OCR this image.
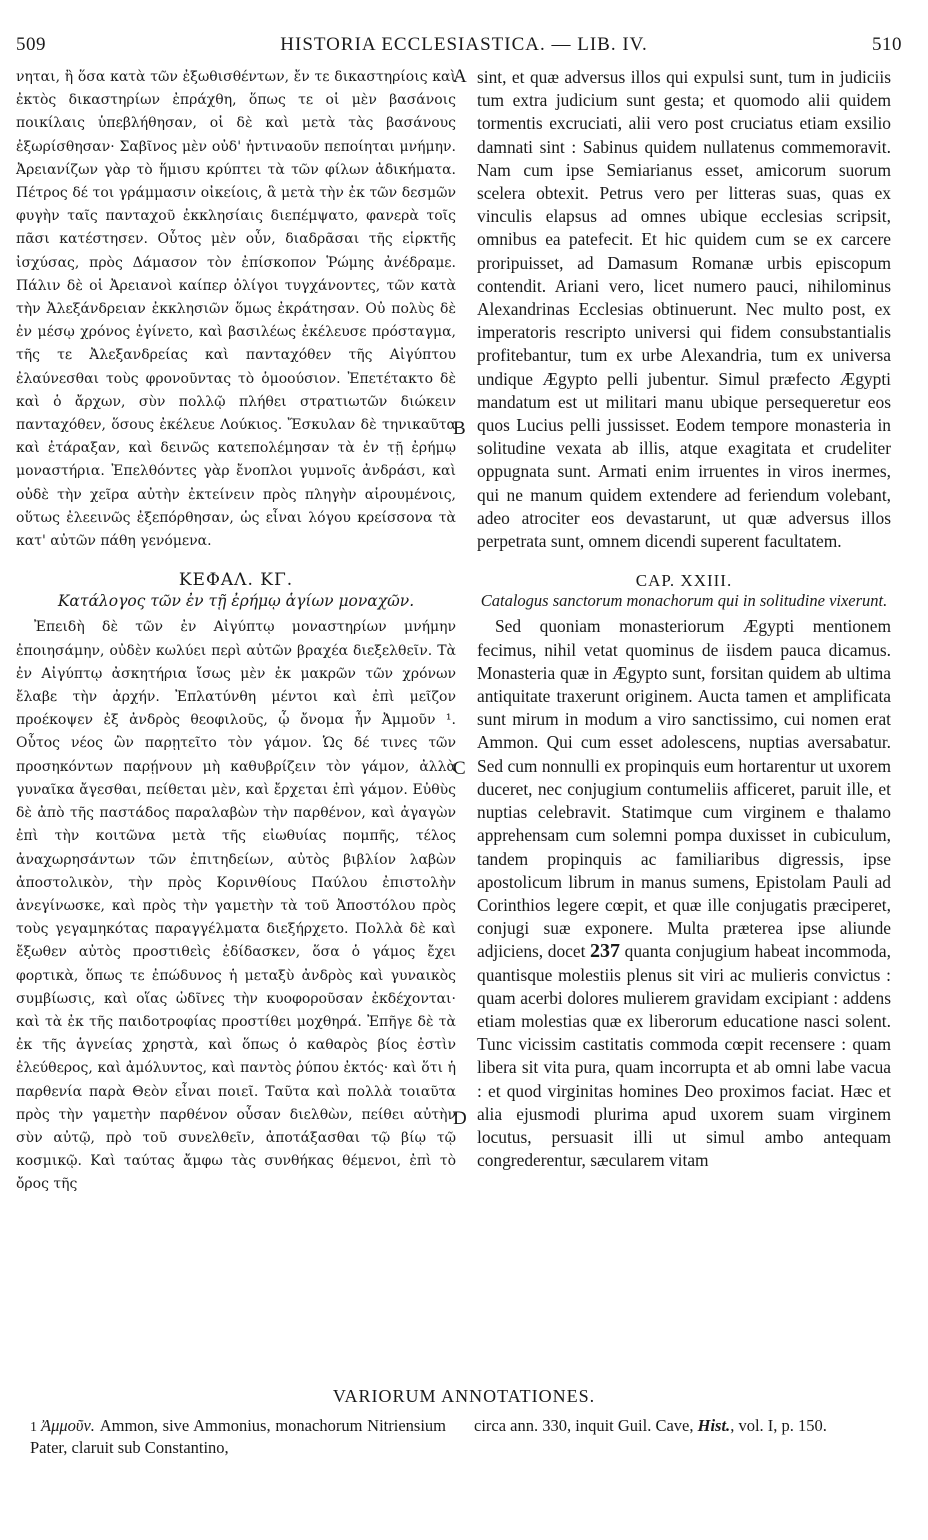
509	HISTORIA ECCLESIASTICA. — LIB. IV.	510

νηται, ἢ ὅσα κατὰ τῶν ἐξωθισθέντων, ἔν τε δικαστηρίοις καὶ ἐκτὸς δικαστηρίων ἐπράχθη, ὅπως τε οἱ μὲν βασάνοις ποικίλαις ὑπεβλήθησαν, οἱ δὲ καὶ μετὰ τὰς βασάνους ἐξωρίσθησαν· Σαβῖνος μὲν οὐδ' ἡντιναοῦν πεποίηται μνήμην. Ἀρειανίζων γὰρ τὸ ἥμισυ κρύπτει τὰ τῶν φίλων ἀδικήματα. Πέτρος δέ τοι γράμμασιν οἰκείοις, ἃ μετὰ τὴν ἐκ τῶν δεσμῶν φυγὴν ταῖς πανταχοῦ ἐκκλησίαις διεπέμψατο, φανερὰ τοῖς πᾶσι κατέστησεν. Οὗτος μὲν οὖν, διαδρᾶσαι τῆς εἱρκτῆς ἰσχύσας, πρὸς Δάμασον τὸν ἐπίσκοπον Ῥώμης ἀνέδραμε. Πάλιν δὲ οἱ Ἀρειανοὶ καίπερ ὀλίγοι τυγχάνοντες, τῶν κατὰ τὴν Ἀλεξάνδρειαν ἐκκλησιῶν ὅμως ἐκράτησαν. Οὐ πολὺς δὲ ἐν μέσῳ χρόνος ἐγίνετο, καὶ βασιλέως ἐκέλευσε πρόσταγμα, τῆς τε Ἀλεξανδρείας καὶ πανταχόθεν τῆς Αἰγύπτου ἐλαύνεσθαι τοὺς φρονοῦντας τὸ ὁμοούσιον. Ἐπετέτακτο δὲ καὶ ὁ ἄρχων, σὺν πολλῷ πλήθει στρατιωτῶν διώκειν πανταχόθεν, ὅσους ἐκέλευε Λούκιος. Ἔσκυλαν δὲ τηνικαῦτα καὶ ἐτάραξαν, καὶ δεινῶς κατεπολέμησαν τὰ ἐν τῇ ἐρήμῳ μοναστήρια. Ἐπελθόντες γὰρ ἔνοπλοι γυμνοῖς ἀνδράσι, καὶ οὐδὲ τὴν χεῖρα αὐτὴν ἐκτείνειν πρὸς πληγὴν αἱρουμένοις, οὕτως ἐλεεινῶς ἐξεπόρθησαν, ὡς εἶναι λόγου κρείσσονα τὰ κατ' αὐτῶν πάθη γενόμενα.

ΚΕΦΑΛ. ΚΓ.
Κατάλογος τῶν ἐν τῇ ἐρήμῳ ἁγίων μοναχῶν.

Ἐπειδὴ δὲ τῶν ἐν Αἰγύπτῳ μοναστηρίων μνήμην ἐποιησάμην, οὐδὲν κωλύει περὶ αὐτῶν βραχέα διεξελθεῖν. Τὰ ἐν Αἰγύπτῳ ἀσκητήρια ἴσως μὲν ἐκ μακρῶν τῶν χρόνων ἔλαβε τὴν ἀρχήν. Ἐπλατύνθη μέντοι καὶ ἐπὶ μεῖζον προέκοψεν ἐξ ἀνδρὸς θεοφιλοῦς, ᾧ ὄνομα ἦν Ἀμμοῦν ¹. Οὗτος νέος ὢν παρῃτεῖτο τὸν γάμον. Ὡς δέ τινες τῶν προσηκόντων παρῄνουν μὴ καθυβρίζειν τὸν γάμον, ἀλλὰ γυναῖκα ἄγεσθαι, πείθεται μὲν, καὶ ἔρχεται ἐπὶ γάμον. Εὐθὺς δὲ ἀπὸ τῆς παστάδος παραλαβὼν τὴν παρθένον, καὶ ἀγαγὼν ἐπὶ τὴν κοιτῶνα μετὰ τῆς εἰωθυίας πομπῆς, τέλος ἀναχωρησάντων τῶν ἐπιτηδείων, αὐτὸς βιβλίον λαβὼν ἀποστολικὸν, τὴν πρὸς Κορινθίους Παύλου ἐπιστολὴν ἀνεγίνωσκε, καὶ πρὸς τὴν γαμετὴν τὰ τοῦ Ἀποστόλου πρὸς τοὺς γεγαμηκότας παραγγέλματα διεξήρχετο. Πολλὰ δὲ καὶ ἔξωθεν αὐτὸς προστιθεὶς ἐδίδασκεν, ὅσα ὁ γάμος ἔχει φορτικὰ, ὅπως τε ἐπώδυνος ἡ μεταξὺ ἀνδρὸς καὶ γυναικὸς συμβίωσις, καὶ οἵας ὠδῖνες τὴν κυοφοροῦσαν ἐκδέχονται· καὶ τὰ ἐκ τῆς παιδοτροφίας προστίθει μοχθηρά. Ἐπῆγε δὲ τὰ ἐκ τῆς ἁγνείας χρηστὰ, καὶ ὅπως ὁ καθαρὸς βίος ἐστὶν ἐλεύθερος, καὶ ἀμόλυντος, καὶ παντὸς ῥύπου ἐκτός· καὶ ὅτι ἡ παρθενία παρὰ Θεὸν εἶναι ποιεῖ. Ταῦτα καὶ πολλὰ τοιαῦτα πρὸς τὴν γαμετὴν παρθένον οὖσαν διελθὼν, πείθει αὐτὴν σὺν αὐτῷ, πρὸ τοῦ συνελθεῖν, ἀποτάξασθαι τῷ βίῳ τῷ κοσμικῷ. Καὶ ταύτας ἄμφω τὰς συνθήκας θέμενοι, ἐπὶ τὸ ὄρος τῆς

A
B
C
D

sint, et quæ adversus illos qui expulsi sunt, tum in judiciis tum extra judicium sunt gesta; et quomodo alii quidem tormentis excruciati, alii vero post cruciatus etiam exsilio damnati sint : Sabinus quidem nullatenus commemoravit. Nam cum ipse Semiarianus esset, amicorum suorum scelera obtexit. Petrus vero per litteras suas, quas ex vinculis elapsus ad omnes ubique ecclesias scripsit, omnibus ea patefecit. Et hic quidem cum se ex carcere proripuisset, ad Damasum Romanæ urbis episcopum contendit. Ariani vero, licet numero pauci, nihilominus Alexandrinas Ecclesias obtinuerunt. Nec multo post, ex imperatoris rescripto universi qui fidem consubstantialis profitebantur, tum ex urbe Alexandria, tum ex universa undique Ægypto pelli jubentur. Simul præfecto Ægypti mandatum est ut militari manu ubique persequeretur eos quos Lucius pelli jussisset. Eodem tempore monasteria in solitudine vexata ab illis, atque exagitata et crudeliter oppugnata sunt. Armati enim irruentes in viros inermes, qui ne manum quidem extendere ad feriendum volebant, adeo atrociter eos devastarunt, ut quæ adversus illos perpetrata sunt, omnem dicendi superent facultatem.

CAP. XXIII.
Catalogus sanctorum monachorum qui in solitudine vixerunt.

Sed quoniam monasteriorum Ægypti mentionem fecimus, nihil vetat quominus de iisdem pauca dicamus. Monasteria quæ in Ægypto sunt, forsitan quidem ab ultima antiquitate traxerunt originem. Aucta tamen et amplificata sunt mirum in modum a viro sanctissimo, cui nomen erat Ammon. Qui cum esset adolescens, nuptias aversabatur. Sed cum nonnulli ex propinquis eum hortarentur ut uxorem duceret, nec conjugium contumeliis afficeret, paruit ille, et nuptias celebravit. Statimque cum virginem e thalamo apprehensam cum solemni pompa duxisset in cubiculum, tandem propinquis ac familiaribus digressis, ipse apostolicum librum in manus sumens, Epistolam Pauli ad Corinthios legere cœpit, et quæ ille conjugatis præciperet, conjugi suæ exponere. Multa præterea ipse aliunde adjiciens, docet 237 quanta conjugium habeat incommoda, quantisque molestiis plenus sit viri ac mulieris convictus : quam acerbi dolores mulierem gravidam excipiant : addens etiam molestias quæ ex liberorum educatione nasci solent. Tunc vicissim castitatis commoda cœpit recensere : quam libera sit vita pura, quam incorrupta et ab omni labe vacua : et quod virginitas homines Deo proximos faciat. Hæc et alia ejusmodi plurima apud uxorem suam virginem locutus, persuasit illi ut simul ambo antequam congrederentur, sæcularem vitam

VARIORUM ANNOTATIONES.
1 Ἀμμοῦν. Ammon, sive Ammonius, monachorum Nitriensium Pater, claruit sub Constantino,
circa ann. 330, inquit Guil. Cave, Hist., vol. I, p. 150.
